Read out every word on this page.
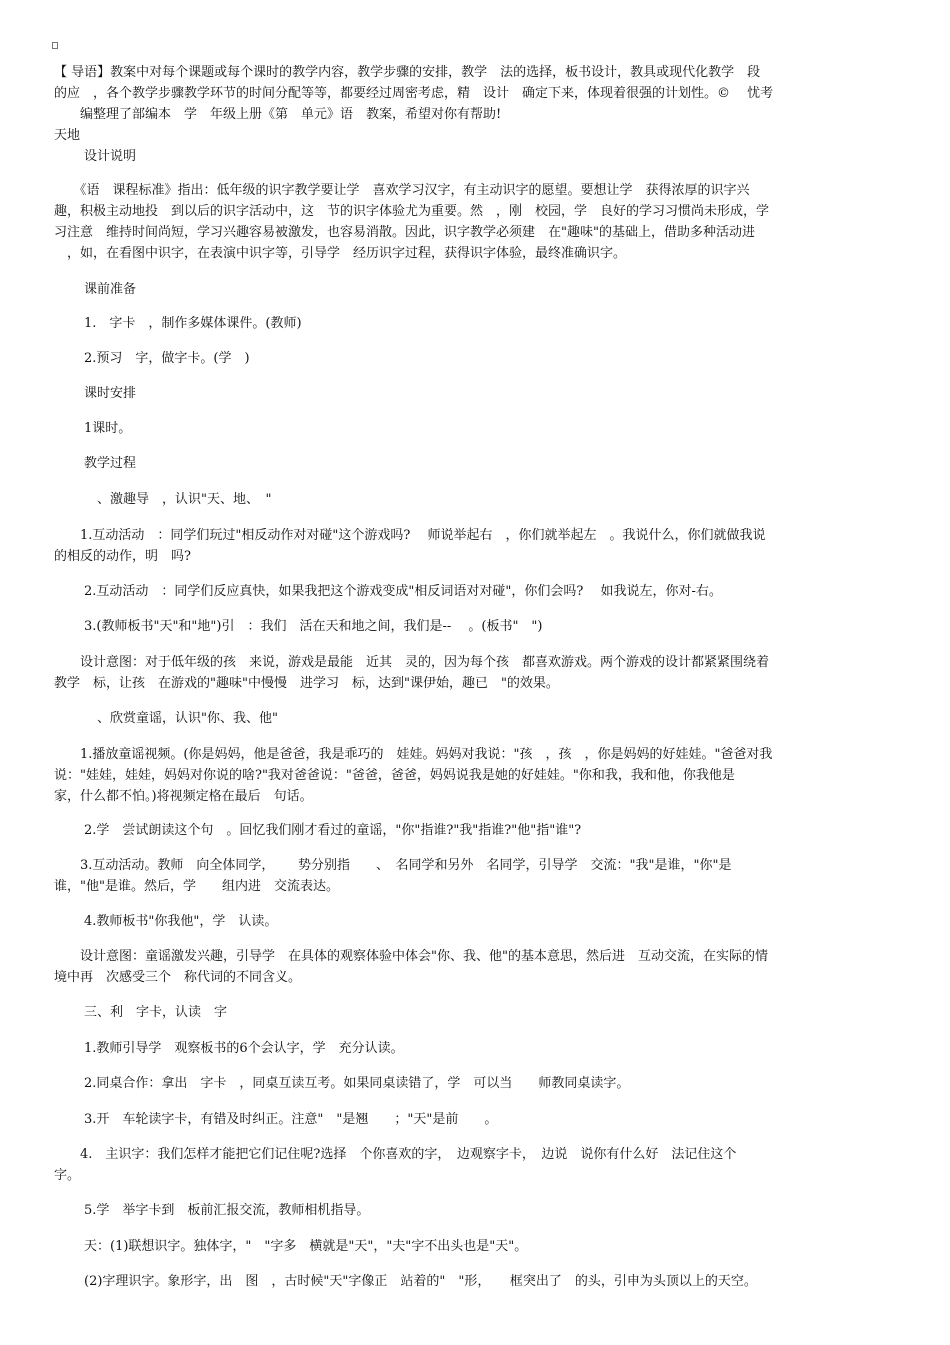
【 导语】教案中对每个课题或每个课时的教学内容，教学步骤的安排，教学　法的选择，板书设计，教具或现代化教学　段
的应　，各个教学步骤教学环节的时间分配等等，都要经过周密考虑，精　设计　确定下来，体现着很强的计划性。©　 忧考
　　编整理了部编本　学　年级上册《第　单元》语　教案，希望对你有帮助!
天地
设计说明
　　《语　课程标准》指出：低年级的识字教学要让学　喜欢学习汉字，有主动识字的愿望。要想让学　获得浓厚的识字兴
趣，积极主动地投　到以后的识字活动中，这　节的识字体验尤为重要。然　，刚　校园，学　良好的学习习惯尚未形成，学
习注意　维持时间尚短，学习兴趣容易被激发，也容易消散。因此，识字教学必须建　在"趣味"的基础上，借助多种活动进
　，如，在看图中识字，在表演中识字等，引导学　经历识字过程，获得识字体验，最终准确识字。
课前准备
1.　字卡　，制作多媒体课件。(教师)
2.预习　字，做字卡。(学　)
课时安排
1课时。
教学过程
　、激趣导　，认识"天、地、　"
　　1.互动活动　：同学们玩过"相反动作对对碰"这个游戏吗?　 师说举起右　，你们就举起左　。我说什么，你们就做我说
的相反的动作，明　吗?
2.互动活动　：同学们反应真快，如果我把这个游戏变成"相反词语对对碰"，你们会吗?　 如我说左，你对-右。
3.(教师板书"天"和"地")引　：我们　活在天和地之间，我们是-- 　。(板书"　")
　　设计意图：对于低年级的孩　来说，游戏是最能　近其　灵的，因为每个孩　都喜欢游戏。两个游戏的设计都紧紧围绕着
教学　标，让孩　在游戏的"趣味"中慢慢　进学习　标，达到"课伊始，趣已　"的效果。
　、欣赏童谣，认识"你、我、他"
　　1.播放童谣视频。(你是妈妈，他是爸爸，我是乖巧的　娃娃。妈妈对我说："孩　，孩　，你是妈妈的好娃娃。"爸爸对我
说："娃娃，娃娃，妈妈对你说的啥?"我对爸爸说："爸爸，爸爸，妈妈说我是她的好娃娃。"你和我，我和他，你我他是
家，什么都不怕。)将视频定格在最后　句话。
2.学　尝试朗读这个句　。回忆我们刚才看过的童谣，"你"指谁?"我"指谁?"他"指"谁"?
　　3.互动活动。教师　向全体同学，　　 势分别指　　、　名同学和另外　名同学，引导学　交流："我"是谁，"你"是
谁，"他"是谁。然后，学　　组内进　交流表达。
4.教师板书"你我他"，学　认读。
　　设计意图：童谣激发兴趣，引导学　在具体的观察体验中体会"你、我、他"的基本意思，然后进　互动交流，在实际的情
境中再　次感受三个　称代词的不同含义。
三、利　字卡，认读　字
1.教师引导学　观察板书的6个会认字，学　充分认读。
2.同桌合作：拿出　字卡　，同桌互读互考。如果同桌读错了，学　可以当　　师教同桌读字。
3.开　车轮读字卡，有错及时纠正。注意"　"是翘　　；"天"是前　　。
　　4.　主识字：我们怎样才能把它们记住呢?选择　个你喜欢的字，　边观察字卡，　边说　说你有什么好　法记住这个
字。
5.学　举字卡到　板前汇报交流，教师相机指导。
天：(1)联想识字。独体字，"　"字多　横就是"天"，"夫"字不出头也是"天"。
(2)字理识字。象形字，出　图　，古时候"天"字像正　站着的"　"形，　　框突出了　的头，引申为头顶以上的天空。
